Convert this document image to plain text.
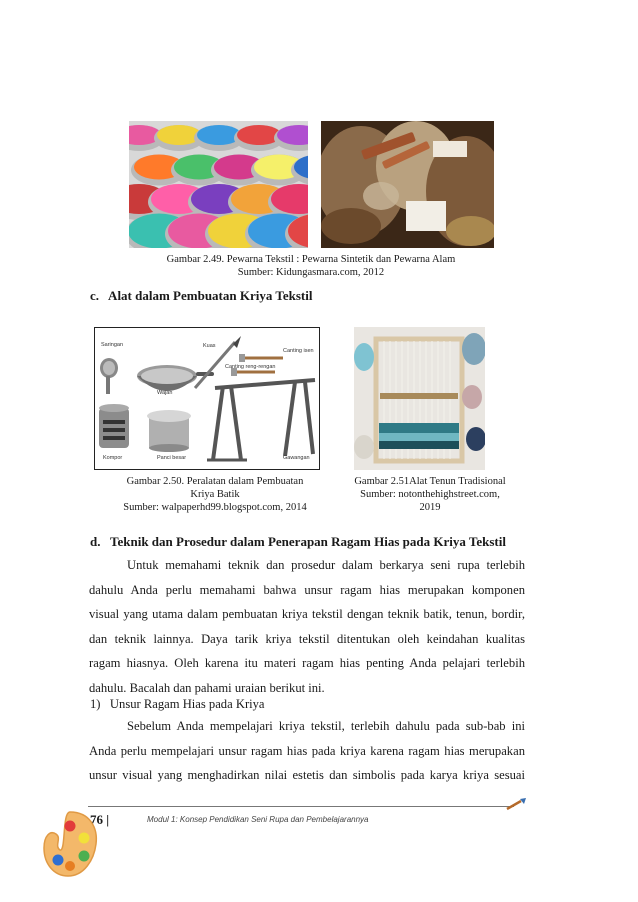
Gambar 2.49. Pewarna Tekstil : Pewarna Sintetik dan Pewarna Alam
Sumber: Kidungasmara.com, 2012
c.   Alat dalam Pembuatan Kriya Tekstil
Saringan	Kuas
Canting isen
Canting reng-rengan
Wajan
Kompor	Panci besar	Gawangan
Gambar 2.50. Peralatan dalam Pembuatan
Kriya Batik
Sumber: walpaperhd99.blogspot.com, 2014
Gambar 2.51Alat Tenun Tradisional
Sumber: notonthehighstreet.com,
2019
d.   Teknik dan Prosedur dalam Penerapan Ragam Hias pada Kriya Tekstil
Untuk memahami teknik dan prosedur dalam berkarya seni rupa terlebih
dahulu Anda perlu memahami bahwa unsur ragam hias merupakan komponen
visual yang utama dalam pembuatan kriya tekstil dengan teknik batik, tenun, bordir,
dan teknik lainnya. Daya tarik kriya tekstil ditentukan oleh keindahan kualitas
ragam hiasnya. Oleh karena itu materi ragam hias penting Anda pelajari terlebih
dahulu. Bacalah dan pahami uraian berikut ini.
1)   Unsur Ragam Hias pada Kriya
Sebelum Anda mempelajari kriya tekstil, terlebih dahulu pada sub-bab ini
Anda perlu mempelajari unsur ragam hias pada kriya karena ragam hias merupakan
unsur visual yang menghadirkan nilai estetis dan simbolis pada karya kriya sesuai
76 |	Modul 1: Konsep Pendidikan Seni Rupa dan Pembelajarannya
